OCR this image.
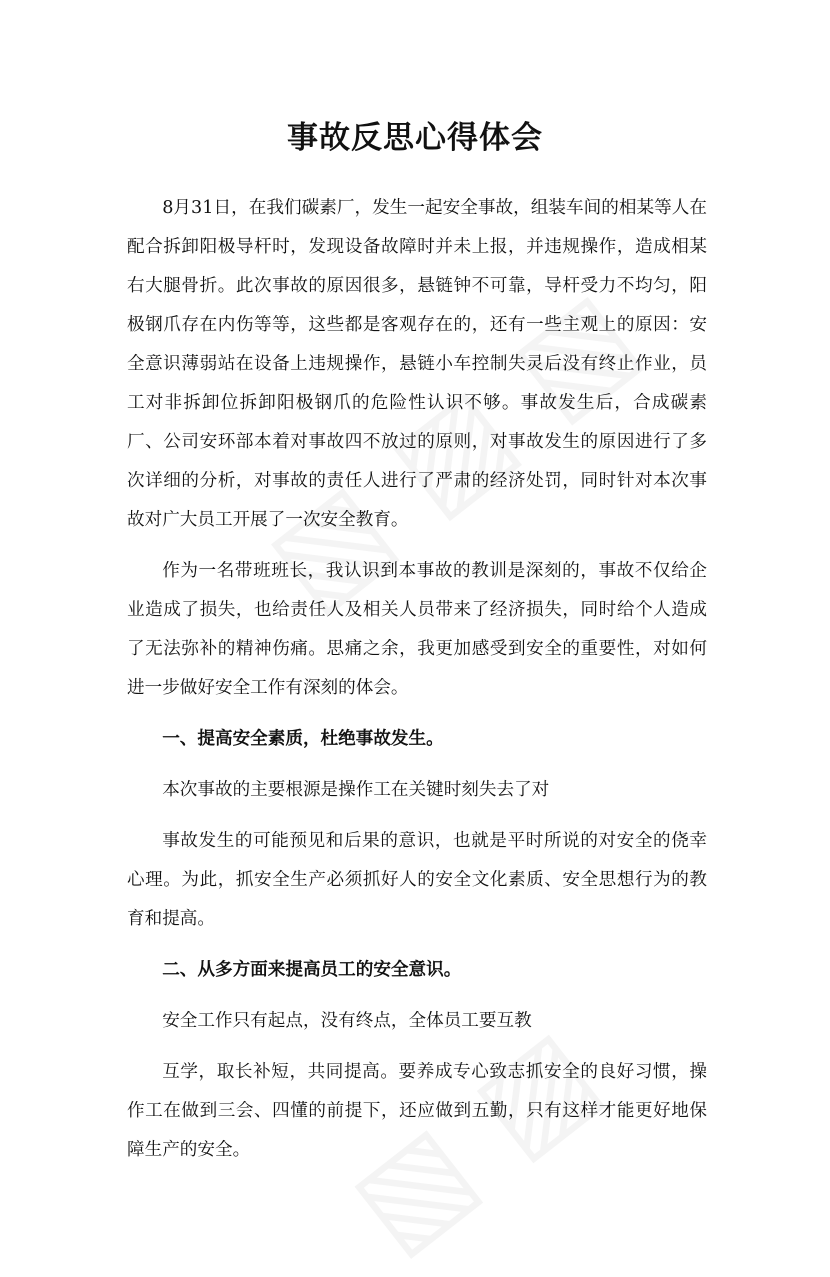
事故反思心得体会

8月31日，在我们碳素厂，发生一起安全事故，组装车间的相某等人在配合拆卸阳极导杆时，发现设备故障时并未上报，并违规操作，造成相某右大腿骨折。此次事故的原因很多，悬链钟不可靠，导杆受力不均匀，阳极钢爪存在内伤等等，这些都是客观存在的，还有一些主观上的原因：安全意识薄弱站在设备上违规操作，悬链小车控制失灵后没有终止作业，员工对非拆卸位拆卸阳极钢爪的危险性认识不够。事故发生后，合成碳素厂、公司安环部本着对事故四不放过的原则，对事故发生的原因进行了多次详细的分析，对事故的责任人进行了严肃的经济处罚，同时针对本次事故对广大员工开展了一次安全教育。

作为一名带班班长，我认识到本事故的教训是深刻的，事故不仅给企业造成了损失，也给责任人及相关人员带来了经济损失，同时给个人造成了无法弥补的精神伤痛。思痛之余，我更加感受到安全的重要性，对如何进一步做好安全工作有深刻的体会。

一、提高安全素质，杜绝事故发生。

本次事故的主要根源是操作工在关键时刻失去了对

事故发生的可能预见和后果的意识，也就是平时所说的对安全的侥幸心理。为此，抓安全生产必须抓好人的安全文化素质、安全思想行为的教育和提高。

二、从多方面来提高员工的安全意识。

安全工作只有起点，没有终点，全体员工要互教

互学，取长补短，共同提高。要养成专心致志抓安全的良好习惯，操作工在做到三会、四懂的前提下，还应做到五勤，只有这样才能更好地保障生产的安全。
